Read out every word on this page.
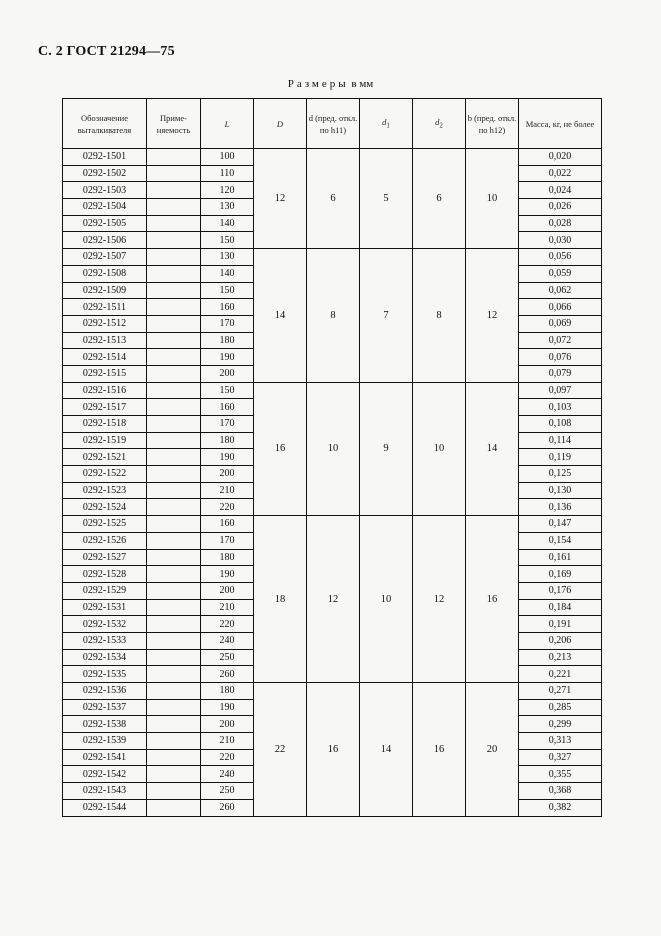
С. 2 ГОСТ 21294—75
Размеры в мм
Обозначение выталкивателя	Приме-няемость	L	D	d (пред. откл. по h11)	$d_1$	$d_2$	b (пред. откл. по h12)	Масса, кг, не более
0292-1501		100	12	6	5	6	10	0,020
0292-1502		110						0,022
0292-1503		120						0,024
0292-1504		130						0,026
0292-1505		140						0,028
0292-1506		150						0,030
0292-1507		130	14	8	7	8	12	0,056
0292-1508		140						0,059
0292-1509		150						0,062
0292-1511		160						0,066
0292-1512		170						0,069
0292-1513		180						0,072
0292-1514		190						0,076
0292-1515		200						0,079
0292-1516		150	16	10	9	10	14	0,097
0292-1517		160						0,103
0292-1518		170						0,108
0292-1519		180						0,114
0292-1521		190						0,119
0292-1522		200						0,125
0292-1523		210						0,130
0292-1524		220						0,136
0292-1525		160	18	12	10	12	16	0,147
0292-1526		170						0,154
0292-1527		180						0,161
0292-1528		190						0,169
0292-1529		200						0,176
0292-1531		210						0,184
0292-1532		220						0,191
0292-1533		240						0,206
0292-1534		250						0,213
0292-1535		260						0,221
0292-1536		180	22	16	14	16	20	0,271
0292-1537		190						0,285
0292-1538		200						0,299
0292-1539		210						0,313
0292-1541		220						0,327
0292-1542		240						0,355
0292-1543		250						0,368
0292-1544		260						0,382
